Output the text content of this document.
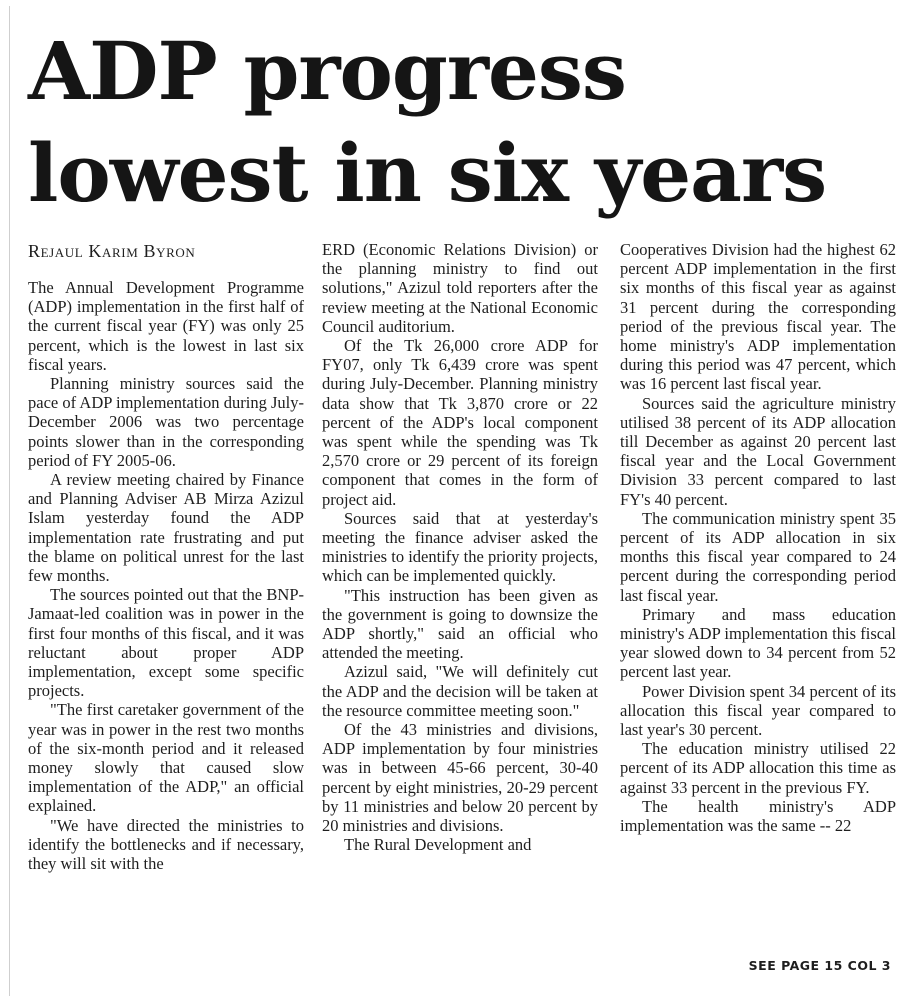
ADP progress lowest in six years
Rejaul Karim Byron

The Annual Development Programme (ADP) implementation in the first half of the current fiscal year (FY) was only 25 percent, which is the lowest in last six fiscal years.

Planning ministry sources said the pace of ADP implementation during July-December 2006 was two percentage points slower than in the corresponding period of FY 2005-06.

A review meeting chaired by Finance and Planning Adviser AB Mirza Azizul Islam yesterday found the ADP implementation rate frustrating and put the blame on political unrest for the last few months.

The sources pointed out that the BNP-Jamaat-led coalition was in power in the first four months of this fiscal, and it was reluctant about proper ADP implementation, except some specific projects.

"The first caretaker government of the year was in power in the rest two months of the six-month period and it released money slowly that caused slow implementation of the ADP," an official explained.

"We have directed the ministries to identify the bottlenecks and if necessary, they will sit with the

ERD (Economic Relations Division) or the planning ministry to find out solutions," Azizul told reporters after the review meeting at the National Economic Council auditorium.

Of the Tk 26,000 crore ADP for FY07, only Tk 6,439 crore was spent during July-December. Planning ministry data show that Tk 3,870 crore or 22 percent of the ADP's local component was spent while the spending was Tk 2,570 crore or 29 percent of its foreign component that comes in the form of project aid.

Sources said that at yesterday's meeting the finance adviser asked the ministries to identify the priority projects, which can be implemented quickly.

"This instruction has been given as the government is going to downsize the ADP shortly," said an official who attended the meeting.

Azizul said, "We will definitely cut the ADP and the decision will be taken at the resource committee meeting soon."

Of the 43 ministries and divisions, ADP implementation by four ministries was in between 45-66 percent, 30-40 percent by eight ministries, 20-29 percent by 11 ministries and below 20 percent by 20 ministries and divisions.

The Rural Development and

Cooperatives Division had the highest 62 percent ADP implementation in the first six months of this fiscal year as against 31 percent during the corresponding period of the previous fiscal year. The home ministry's ADP implementation during this period was 47 percent, which was 16 percent last fiscal year.

Sources said the agriculture ministry utilised 38 percent of its ADP allocation till December as against 20 percent last fiscal year and the Local Government Division 33 percent compared to last FY's 40 percent.

The communication ministry spent 35 percent of its ADP allocation in six months this fiscal year compared to 24 percent during the corresponding period last fiscal year.

Primary and mass education ministry's ADP implementation this fiscal year slowed down to 34 percent from 52 percent last year.

Power Division spent 34 percent of its allocation this fiscal year compared to last year's 30 percent.

The education ministry utilised 22 percent of its ADP allocation this time as against 33 percent in the previous FY.

The health ministry's ADP implementation was the same -- 22

SEE PAGE 15 COL 3
